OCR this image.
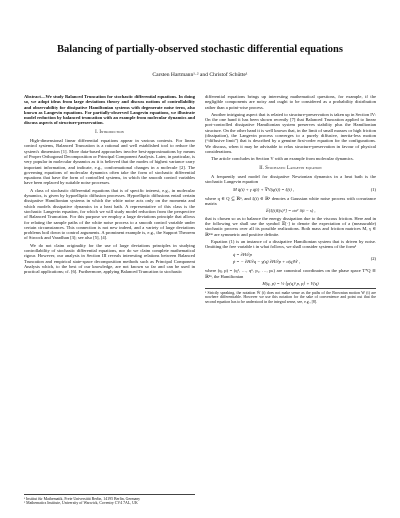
Balancing of partially-observed stochastic differential equations
Carsten Hartmann¹·² and Christof Schütte¹
Abstract—We study Balanced Truncation for stochastic differential equations. In doing so, we adopt ideas from large deviations theory and discuss notions of controllability and observability for dissipative Hamiltonian systems with degenerate noise term, also known as Langevin equations. For partially-observed Langevin equations, we illustrate model reduction by balanced truncation with an example from molecular dynamics and discuss aspects of structure-preservation.
I. Introduction

High-dimensional linear differential equations appear in various contexts. For linear control systems, Balanced Truncation is a rational and well established tool to reduce the system's dimension [1]. More data-based approaches involve best-approximations by means of Proper Orthogonal Decomposition or Principal Component Analysis. Later, in particular, is very popular in molecular dynamics as it is believed that the modes of highest variance carry important information, and indicate, e.g., conformational changes in a molecule [2]. The governing equations of molecular dynamics often take the form of stochastic differential equations that have the form of controlled systems, in which the smooth control variables have been replaced by suitable noise processes.

A class of stochastic differential equations that is of specific interest, e.g., in molecular dynamics, is given by hypoelliptic diffusion processes. Hypoelliptic diffusions entail certain dissipative Hamiltonian systems in which the white noise acts only on the momenta and which models dissipative dynamics in a heat bath. A representative of this class is the stochastic Langevin equation, for which we will study model reduction from the perspective of Balanced Truncation. For this purpose we employ a large deviations principle that allows for relating the sample paths of the white noise process to a smooth control variable under certain circumstances. This connection is not new indeed, and a variety of large deviations problems boil down to control arguments. A prominent example is, e.g., the Support Theorem of Stroock and Varadhan [3]; see also [5], [4].

We do not claim originality for the use of large deviations principles in studying controllability of stochastic differential equations, nor do we claim complete mathematical rigour. However, our analysis in Section III reveals interesting relations between Balanced Truncation and empirical state-space decomposition methods such as Principal Component Analysis which, to the best of our knowledge, are not known so far and can be used in practical applications; cf. [6]. Furthermore, applying Balanced Truncation to stochastic

differential equations brings up interesting mathematical questions, for example, if the negligible components are noisy and ought to be considered as a probability distribution rather than a point-wise process.

Another intriguing aspect that is related to structure-preservation is taken up in Section IV: On the one hand it has been shown recently [7] that Balanced Truncation applied to linear port-controlled dissipative Hamiltonian system preserves stability plus the Hamiltonian structure. On the other hand it is well known that, in the limit of small masses or high friction (dissipation), the Langevin process converges to a purely diffusive, inertia-less motion (“diffusive limit”) that is described by a genuine first-order equation for the configurations. We discuss, when it may be advisable to relax structure-preservation in favour of physical considerations.

The article concludes in Section V with an example from molecular dynamics.

II. Stochastic Langevin equation

A frequently used model for dissipative Newtonian dynamics in a heat bath is the stochastic Langevin equation

M q̈(t) + γ q̇(t) + ∇V(q(t)) = ξ(t) ,	(1)

where q ∈ Q ⊆ ℝⁿ, and ξ(t) ∈ ℝⁿ denotes a Gaussian white noise process with covariance matrix

𝔼[ξ(t)ξ(s)ᵀ] = σσᵀ δ(t − s) ,

that is chosen so as to balance the energy dissipation due to the viscous friction. Here and in the following we shall use the symbol 𝔼[·] to denote the expectation of a (measurable) stochastic process over all its possible realizations. Both mass and friction matrices M, γ ∈ ℝⁿˣⁿ are symmetric and positive definite.

Equation (1) is an instance of a dissipative Hamiltonian system that is driven by noise. Omitting the free variable t in what follows, we shall consider systems of the form¹

q̇ = ∂H/∂p
ṗ = − ∂H/∂q − γ(q) ∂H/∂p + σ(q)Ẇ ,
(2)

where (q, p) = (q¹, …, qⁿ, p₁, …, pₙ) are canonical coordinates on the phase space T*Q ≅ ℝ²ⁿ, the Hamiltonian

H(q, p) = ½ ⟨p(q)ᵗ p, p⟩ + V(q)
¹ Strictly speaking, the notation Ẇ (t) does not make sense as the paths of the Brownian motion W (t) are nowhere differentiable. However we use this notation for the sake of convenience and point out that the second equation has to be understood in the integral sense, see, e.g., [8].
¹ Institut für Mathematik, Freie Universität Berlin, 14195 Berlin, Germany
² Mathematics Institute, University of Warwick, Coventry CV4 7AL, UK
